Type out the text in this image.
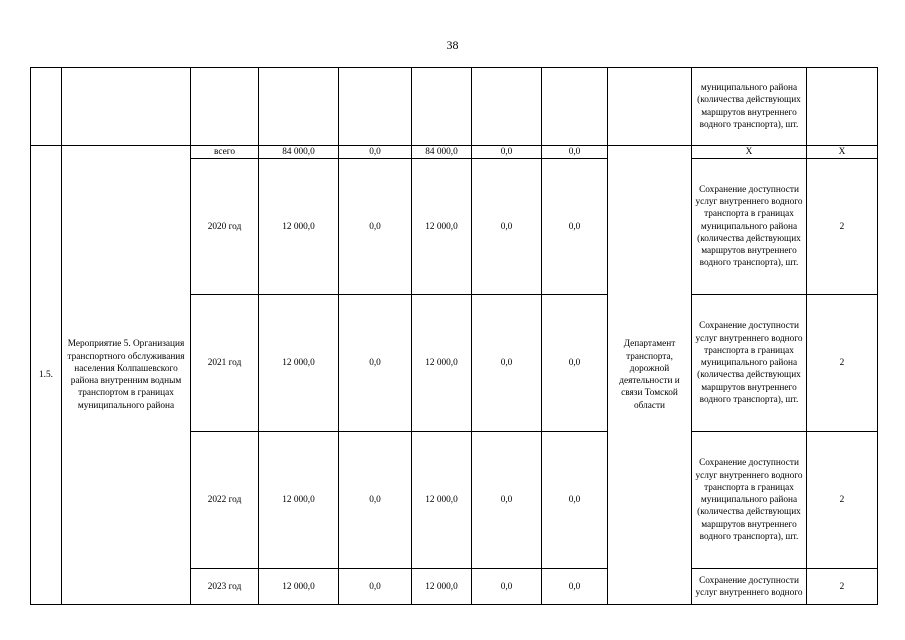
38
									муниципального района (количества действующих маршрутов внутреннего водного транспорта), шт.	
1.5.	Мероприятие 5. Организация транспортного обслуживания населения Колпашевского района внутренним водным транспортом в границах муниципального района	всего	84 000,0	0,0	84 000,0	0,0	0,0	Департамент транспорта, дорожной деятельности и связи Томской области	Х	Х
		2020 год	12 000,0	0,0	12 000,0	0,0	0,0		Сохранение доступности услуг внутреннего водного транспорта в границах муниципального района (количества действующих маршрутов внутреннего водного транспорта), шт.	2
		2021 год	12 000,0	0,0	12 000,0	0,0	0,0		Сохранение доступности услуг внутреннего водного транспорта в границах муниципального района (количества действующих маршрутов внутреннего водного транспорта), шт.	2
		2022 год	12 000,0	0,0	12 000,0	0,0	0,0		Сохранение доступности услуг внутреннего водного транспорта в границах муниципального района (количества действующих маршрутов внутреннего водного транспорта), шт.	2
		2023 год	12 000,0	0,0	12 000,0	0,0	0,0		Сохранение доступности услуг внутреннего водного	2
